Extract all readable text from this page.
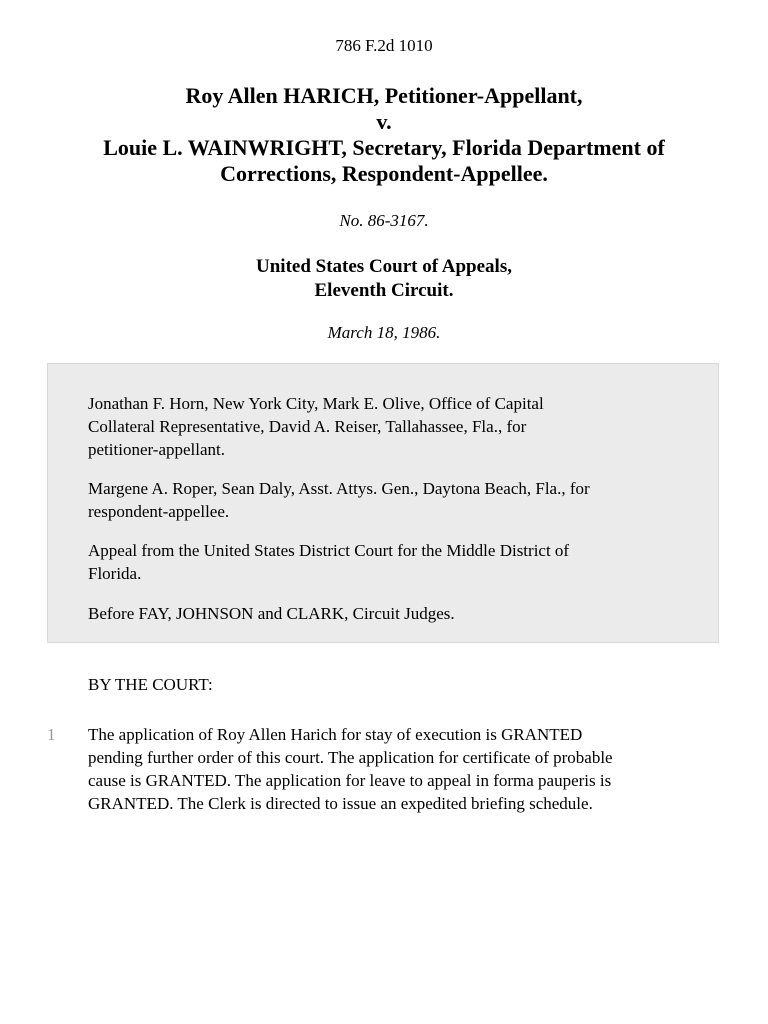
786 F.2d 1010
Roy Allen HARICH, Petitioner-Appellant,
v.
Louie L. WAINWRIGHT, Secretary, Florida Department of
Corrections, Respondent-Appellee.
No. 86-3167.
United States Court of Appeals,
Eleventh Circuit.
March 18, 1986.
Jonathan F. Horn, New York City, Mark E. Olive, Office of Capital
Collateral Representative, David A. Reiser, Tallahassee, Fla., for
petitioner-appellant.
Margene A. Roper, Sean Daly, Asst. Attys. Gen., Daytona Beach, Fla., for
respondent-appellee.
Appeal from the United States District Court for the Middle District of
Florida.
Before FAY, JOHNSON and CLARK, Circuit Judges.
BY THE COURT:
1 The application of Roy Allen Harich for stay of execution is GRANTED
pending further order of this court. The application for certificate of probable
cause is GRANTED. The application for leave to appeal in forma pauperis is
GRANTED. The Clerk is directed to issue an expedited briefing schedule.
